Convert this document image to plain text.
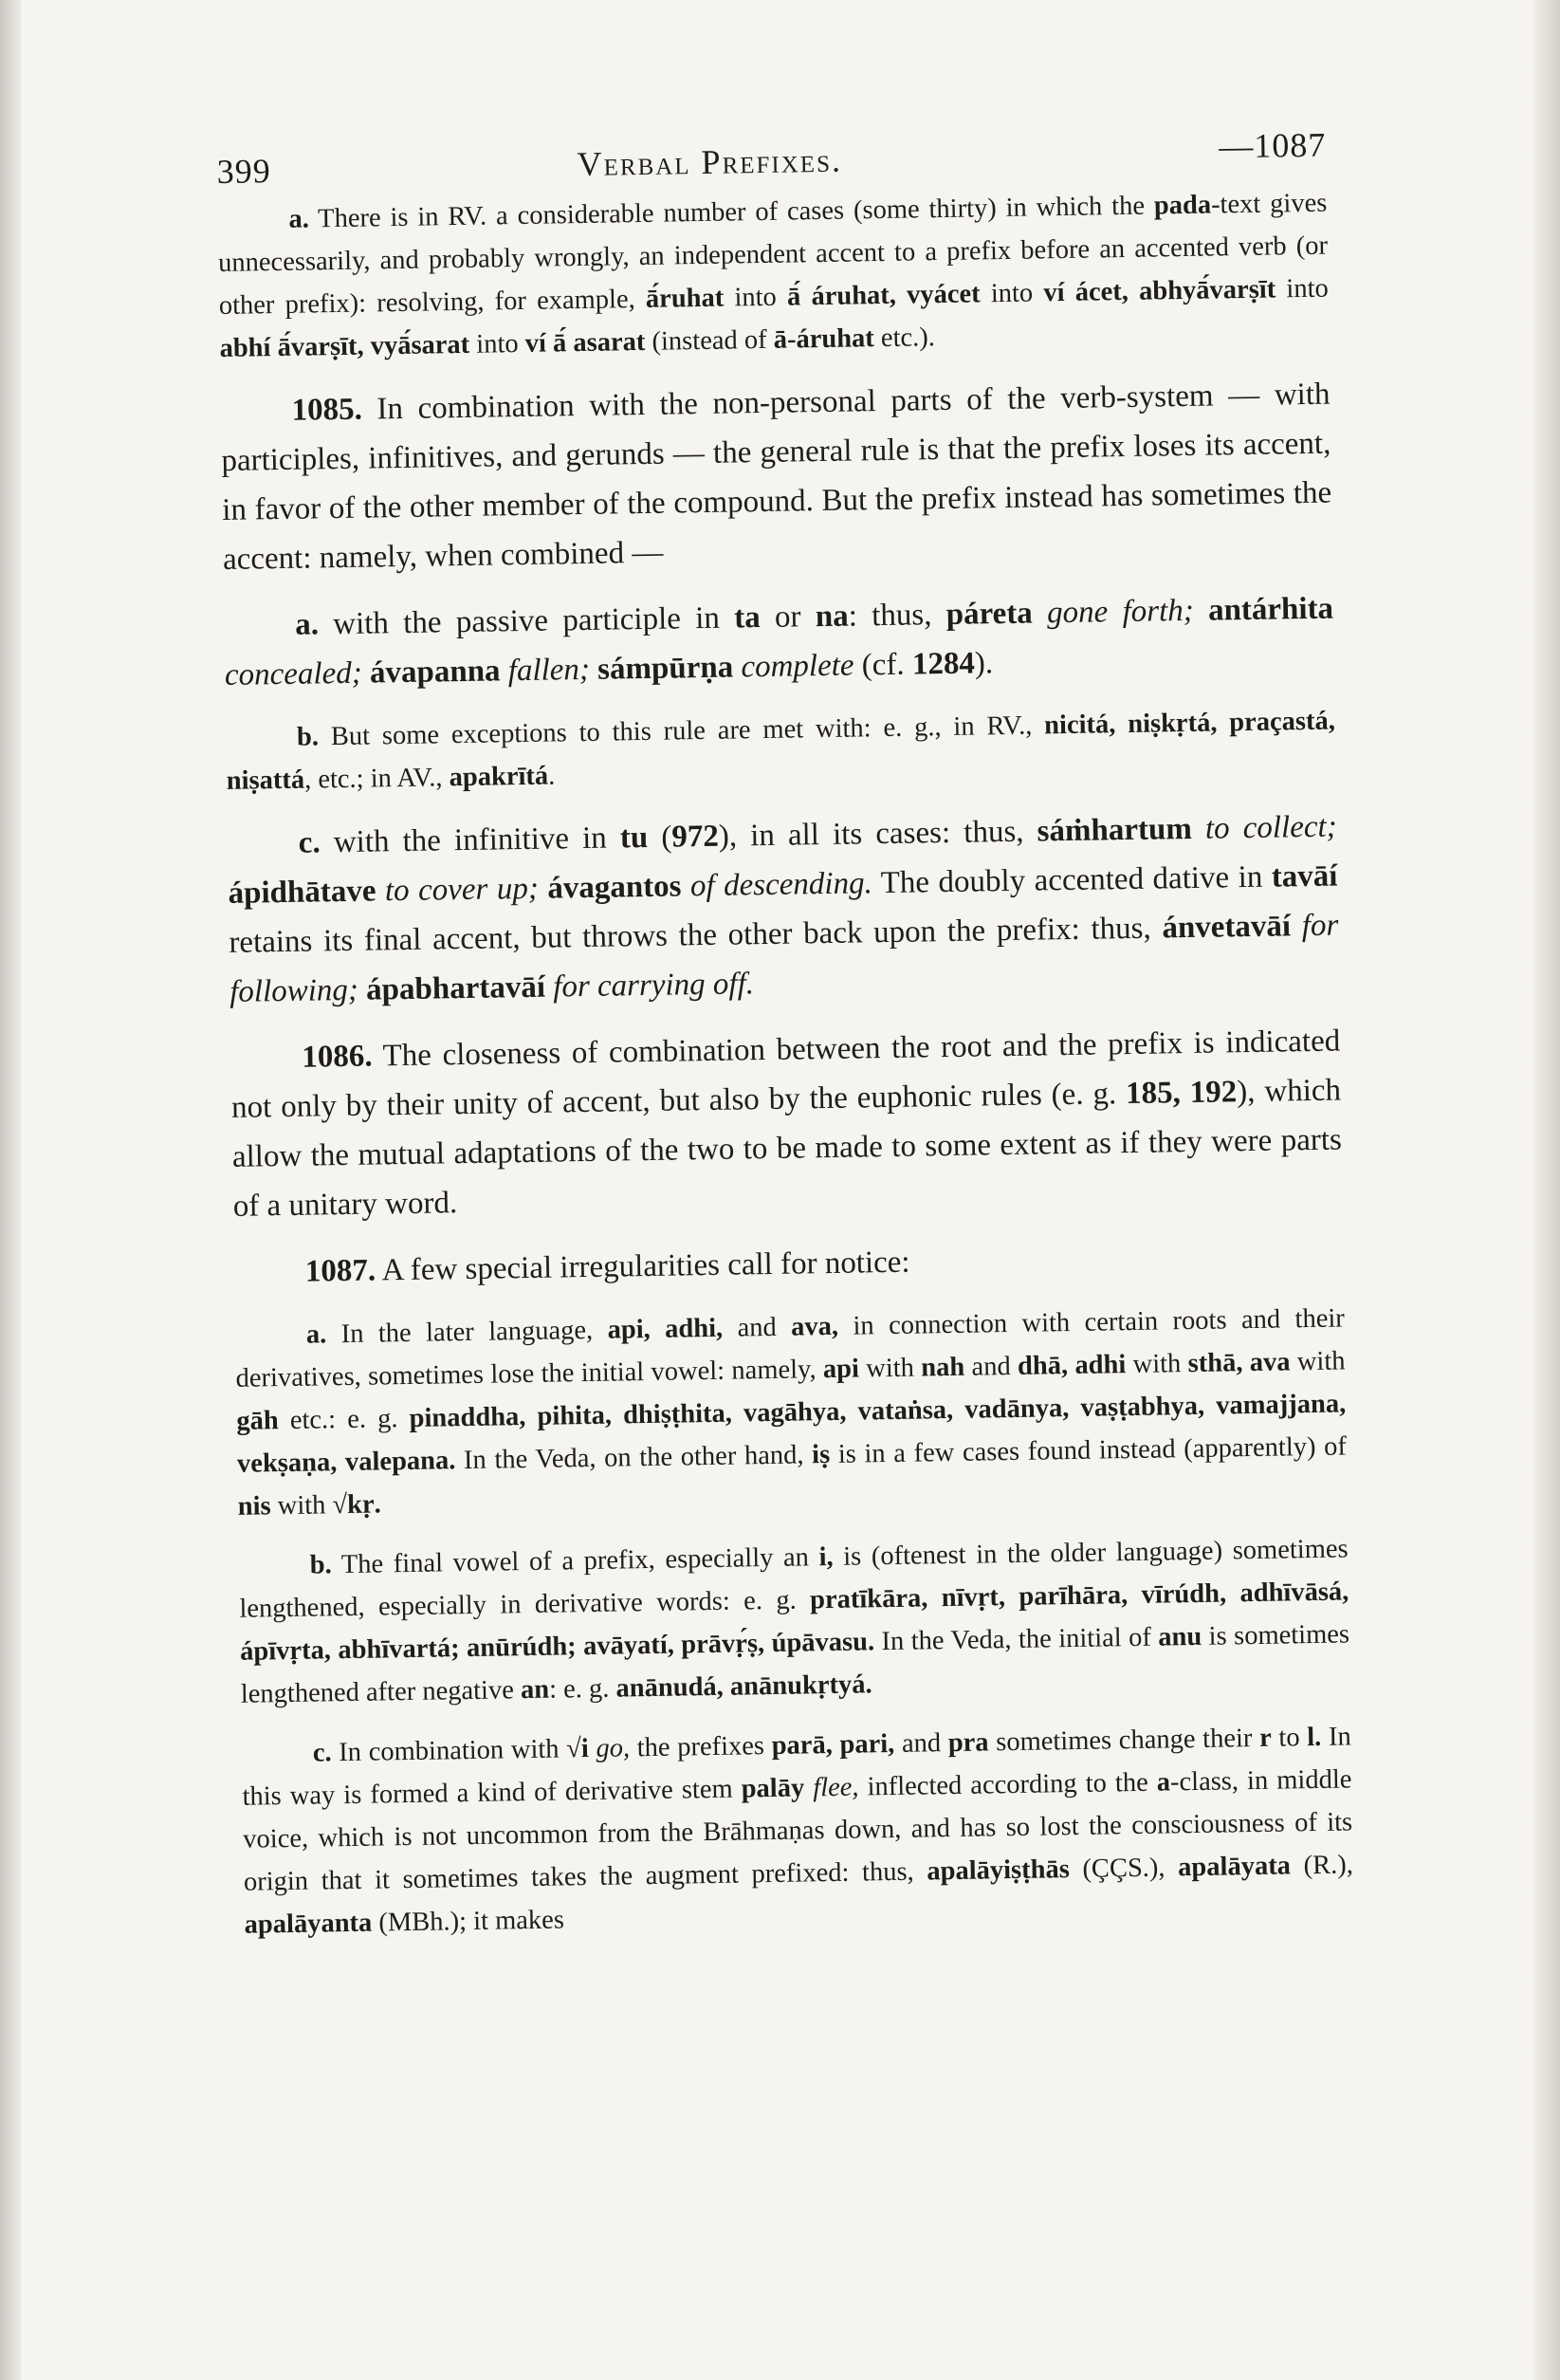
399	Verbal Prefixes.	—1087

a. There is in RV. a considerable number of cases (some thirty) in which the pada-text gives unnecessarily, and probably wrongly, an independent accent to a prefix before an accented verb (or other prefix): resolving, for example, ā́ruhat into ā́ áruhat, vyácet into ví ácet, abhyā́varṣīt into abhí ā́varṣīt, vyā́sarat into ví ā́ asarat (instead of ā-áruhat etc.).

1085. In combination with the non-personal parts of the verb-system — with participles, infinitives, and gerunds — the general rule is that the prefix loses its accent, in favor of the other member of the compound. But the prefix instead has sometimes the accent: namely, when combined —

a. with the passive participle in ta or na: thus, páreta gone forth; antárhita concealed; ávapanna fallen; sámpūrṇa complete (cf. 1284).

b. But some exceptions to this rule are met with: e. g., in RV., nicitá, niṣkṛtá, praçastá, niṣattá, etc.; in AV., apakrītá.

c. with the infinitive in tu (972), in all its cases: thus, sáṁhartum to collect; ápidhātave to cover up; ávagantos of descending. The doubly accented dative in tavāí retains its final accent, but throws the other back upon the prefix: thus, ánvetavāí for following; ápabhartavāí for carrying off.

1086. The closeness of combination between the root and the prefix is indicated not only by their unity of accent, but also by the euphonic rules (e. g. 185, 192), which allow the mutual adaptations of the two to be made to some extent as if they were parts of a unitary word.

1087. A few special irregularities call for notice:

a. In the later language, api, adhi, and ava, in connection with certain roots and their derivatives, sometimes lose the initial vowel: namely, api with nah and dhā, adhi with sthā, ava with gāh etc.: e. g. pinaddha, pihita, dhiṣṭhita, vagāhya, vataṅsa, vadānya, vaṣṭabhya, vamajjana, vekṣaṇa, valepana. In the Veda, on the other hand, iṣ is in a few cases found instead (apparently) of nis with √kṛ.

b. The final vowel of a prefix, especially an i, is (oftenest in the older language) sometimes lengthened, especially in derivative words: e. g. pratīkāra, nīvṛt, parīhāra, vīrúdh, adhīvāsá, ápīvṛta, abhīvartá; anūrúdh; avāyatí, prāvṛ́ṣ, úpāvasu. In the Veda, the initial of anu is sometimes lengthened after negative an: e. g. anānudá, anānukṛtyá.

c. In combination with √i go, the prefixes parā, pari, and pra sometimes change their r to l. In this way is formed a kind of derivative stem palāy flee, inflected according to the a-class, in middle voice, which is not uncommon from the Brāhmaṇas down, and has so lost the consciousness of its origin that it sometimes takes the augment prefixed: thus, apalāyiṣṭhās (ÇÇS.), apalāyata (R.), apalāyanta (MBh.); it makes
